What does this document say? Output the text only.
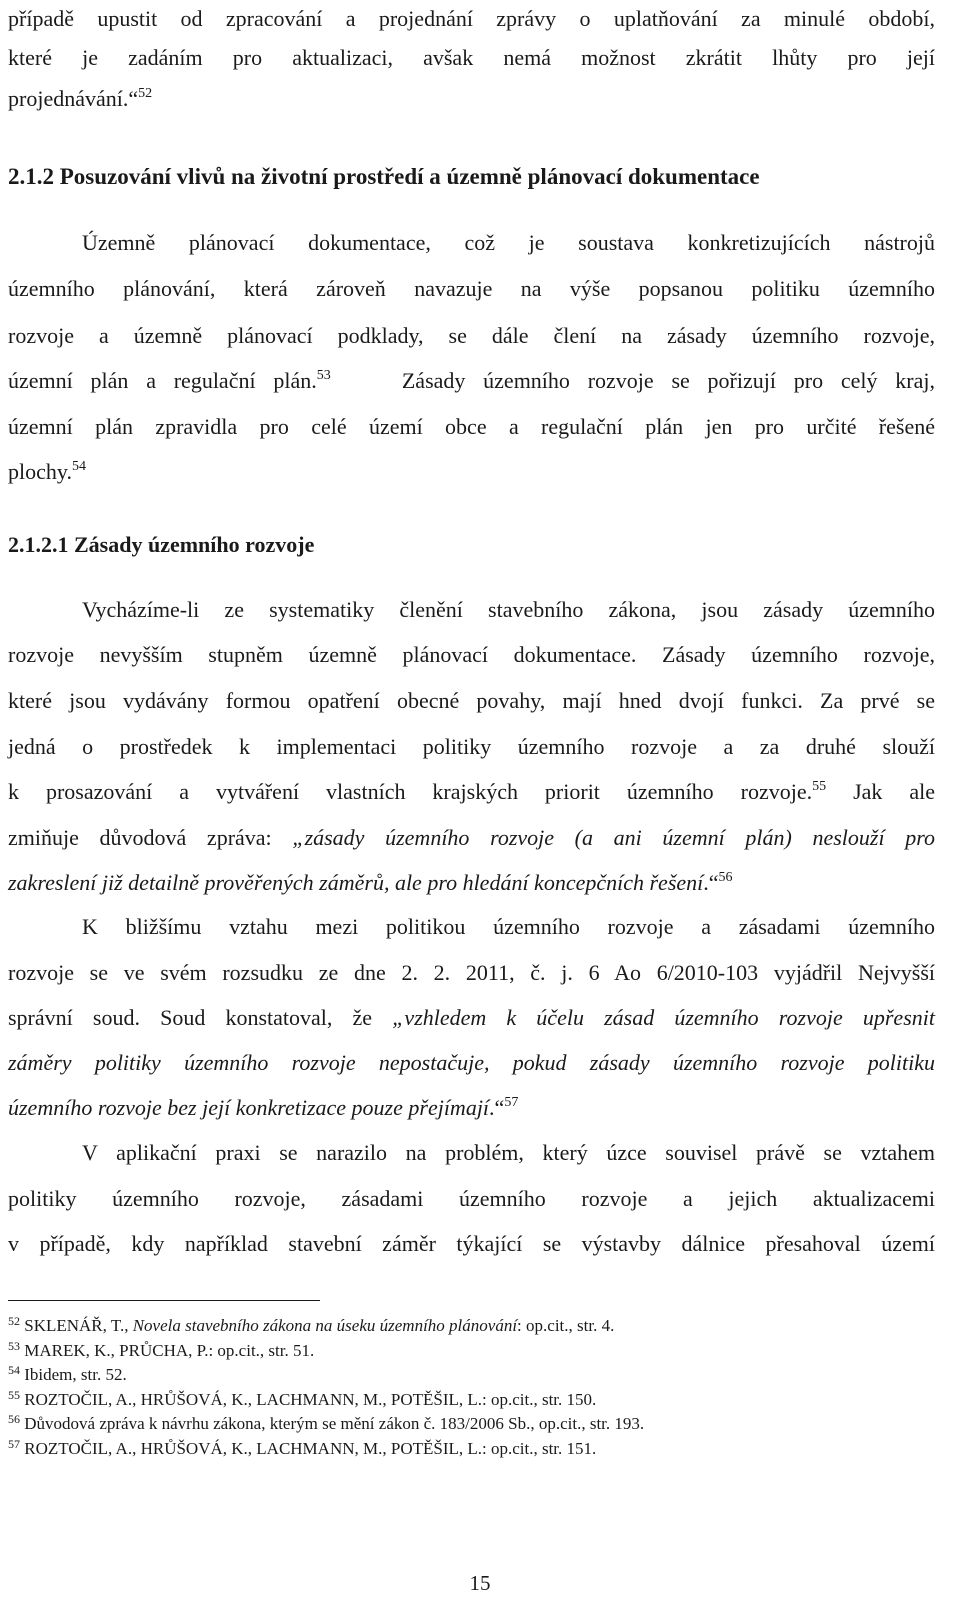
případě upustit od zpracování a projednání zprávy o uplatňování za minulé období,
které je zadáním pro aktualizaci, avšak nemá možnost zkrátit lhůty pro její
projednávání.“$^{52}$
2.1.2 Posuzování vlivů na životní prostředí a územně plánovací dokumentace
Územně plánovací dokumentace, což je soustava konkretizujících nástrojů
územního plánování, která zároveň navazuje na výše popsanou politiku územního
rozvoje a územně plánovací podklady, se dále člení na zásady územního rozvoje,
územní plán a regulační plán.$^{53}$	Zásady územního rozvoje se pořizují pro celý kraj,
územní plán zpravidla pro celé území obce a regulační plán jen pro určité řešené
plochy.$^{54}$
2.1.2.1 Zásady územního rozvoje
Vycházíme-li ze systematiky členění stavebního zákona, jsou zásady územního
rozvoje nevyšším stupněm územně plánovací dokumentace. Zásady územního rozvoje,
které jsou vydávány formou opatření obecné povahy, mají hned dvojí funkci. Za prvé se
jedná o prostředek k implementaci politiky územního rozvoje a za druhé slouží
k prosazování a vytváření vlastních krajských priorit územního rozvoje.$^{55}$ Jak ale
zmiňuje důvodová zpráva: „zásady územního rozvoje (a ani územní plán) neslouží pro
zakreslení již detailně prověřených záměrů, ale pro hledání koncepčních řešení.“$^{56}$
K bližšímu vztahu mezi politikou územního rozvoje a zásadami územního
rozvoje se ve svém rozsudku ze dne 2. 2. 2011, č. j. 6 Ao 6/2010-103 vyjádřil Nejvyšší
správní soud. Soud konstatoval, že „vzhledem k účelu zásad územního rozvoje upřesnit
záměry politiky územního rozvoje nepostačuje, pokud zásady územního rozvoje politiku
územního rozvoje bez její konkretizace pouze přejímají.“$^{57}$
V aplikační praxi se narazilo na problém, který úzce souvisel právě se vztahem
politiky územního rozvoje, zásadami územního rozvoje a jejich aktualizacemi
v případě, kdy například stavební záměr týkající se výstavby dálnice přesahoval území
$^{52}$ SKLENÁŘ, T., Novela stavebního zákona na úseku územního plánování: op.cit., str. 4.
$^{53}$ MAREK, K., PRŮCHA, P.: op.cit., str. 51.
$^{54}$ Ibidem, str. 52.
$^{55}$ ROZTOČIL, A., HRŮŠOVÁ, K., LACHMANN, M., POTĚŠIL, L.: op.cit., str. 150.
$^{56}$ Důvodová zpráva k návrhu zákona, kterým se mění zákon č. 183/2006 Sb., op.cit., str. 193.
$^{57}$ ROZTOČIL, A., HRŮŠOVÁ, K., LACHMANN, M., POTĚŠIL, L.: op.cit., str. 151.
15
